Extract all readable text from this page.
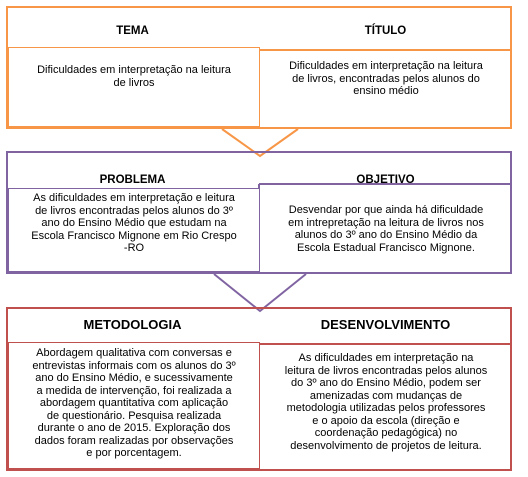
TEMA	TÍTULO
Dificuldades em interpretação na leitura
de livros
Dificuldades em interpretação na leitura
de livros, encontradas pelos alunos do
ensino médio
PROBLEMA	OBJETIVO
As dificuldades em interpretação e leitura
de livros encontradas pelos alunos do 3º
ano do Ensino Médio que estudam na
Escola Francisco Mignone em Rio Crespo
-RO
Desvendar por que ainda há dificuldade
em intrepretação na leitura de livros nos
alunos do 3º ano do Ensino Médio da
Escola Estadual Francisco Mignone.
METODOLOGIA	DESENVOLVIMENTO
Abordagem qualitativa com conversas e
entrevistas informais com os alunos do 3º
ano do Ensino Médio, e sucessivamente
a medida de intervenção, foi realizada a
abordagem quantitativa com aplicação
de questionário. Pesquisa realizada
durante o ano de 2015. Exploração dos
dados foram realizadas por observações
e por porcentagem.
As dificuldades em interpretação na
leitura de livros encontradas pelos alunos
do 3º ano do Ensino Médio, podem ser
amenizadas com mudanças de
metodologia utilizadas pelos professores
e o apoio da escola (direção e
coordenação pedagógica) no
desenvolvimento de projetos de leitura.
